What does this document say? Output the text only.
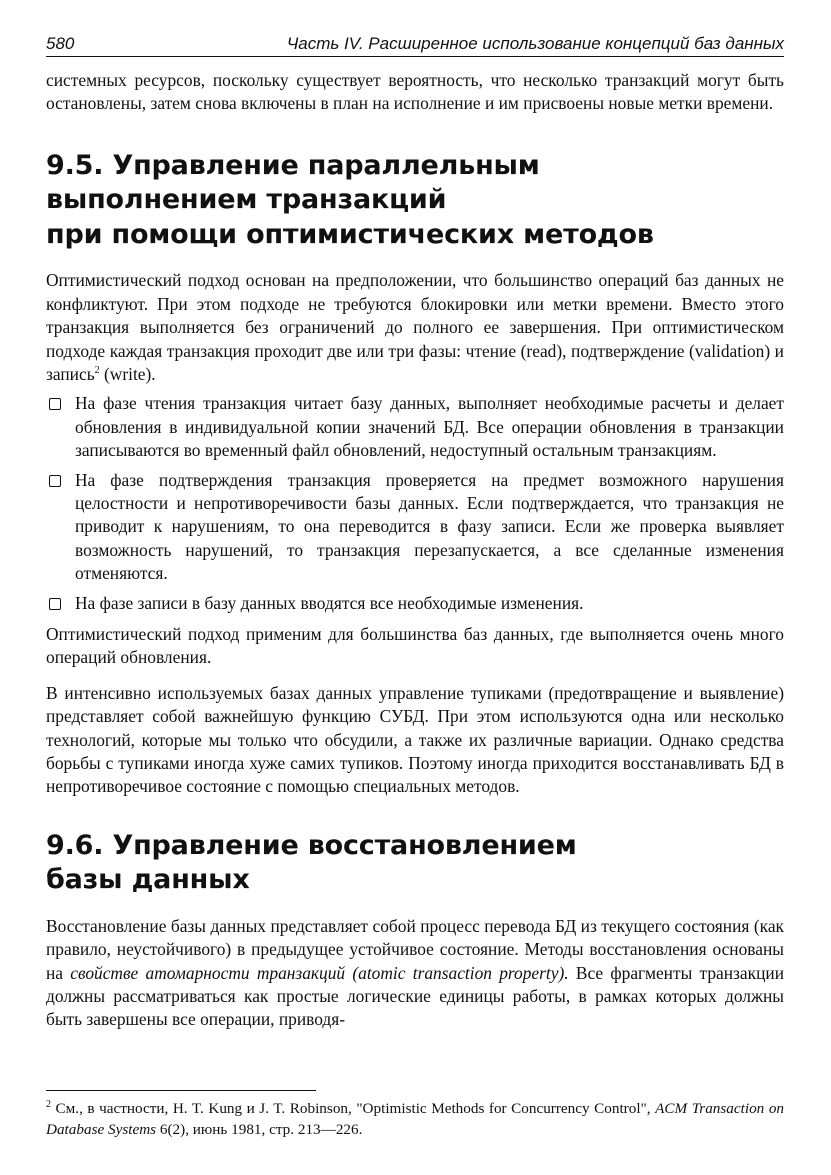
580	Часть IV. Расширенное использование концепций баз данных

системных ресурсов, поскольку существует вероятность, что несколько транзакций могут быть остановлены, затем снова включены в план на исполнение и им присвоены новые метки времени.

9.5. Управление параллельным
выполнением транзакций
при помощи оптимистических методов

Оптимистический подход основан на предположении, что большинство операций баз данных не конфликтуют. При этом подходе не требуются блокировки или метки времени. Вместо этого транзакция выполняется без ограничений до полного ее завершения. При оптимистическом подходе каждая транзакция проходит две или три фазы: чтение (read), подтверждение (validation) и запись$^2$ (write).

На фазе чтения транзакция читает базу данных, выполняет необходимые расчеты и делает обновления в индивидуальной копии значений БД. Все операции обновления в транзакции записываются во временный файл обновлений, недоступный остальным транзакциям.
На фазе подтверждения транзакция проверяется на предмет возможного нарушения целостности и непротиворечивости базы данных. Если подтверждается, что транзакция не приводит к нарушениям, то она переводится в фазу записи. Если же проверка выявляет возможность нарушений, то транзакция перезапускается, а все сделанные изменения отменяются.
На фазе записи в базу данных вводятся все необходимые изменения.

Оптимистический подход применим для большинства баз данных, где выполняется очень много операций обновления.

В интенсивно используемых базах данных управление тупиками (предотвращение и выявление) представляет собой важнейшую функцию СУБД. При этом используются одна или несколько технологий, которые мы только что обсудили, а также их различные вариации. Однако средства борьбы с тупиками иногда хуже самих тупиков. Поэтому иногда приходится восстанавливать БД в непротиворечивое состояние с помощью специальных методов.

9.6. Управление восстановлением
базы данных

Восстановление базы данных представляет собой процесс перевода БД из текущего состояния (как правило, неустойчивого) в предыдущее устойчивое состояние. Методы восстановления основаны на свойстве атомарности транзакций (atomic transaction property). Все фрагменты транзакции должны рассматриваться как простые логические единицы работы, в рамках которых должны быть завершены все операции, приводя-

$^2$ См., в частности, H. T. Kung и J. T. Robinson, "Optimistic Methods for Concurrency Control", ACM Transaction on Database Systems 6(2), июнь 1981, стр. 213—226.
